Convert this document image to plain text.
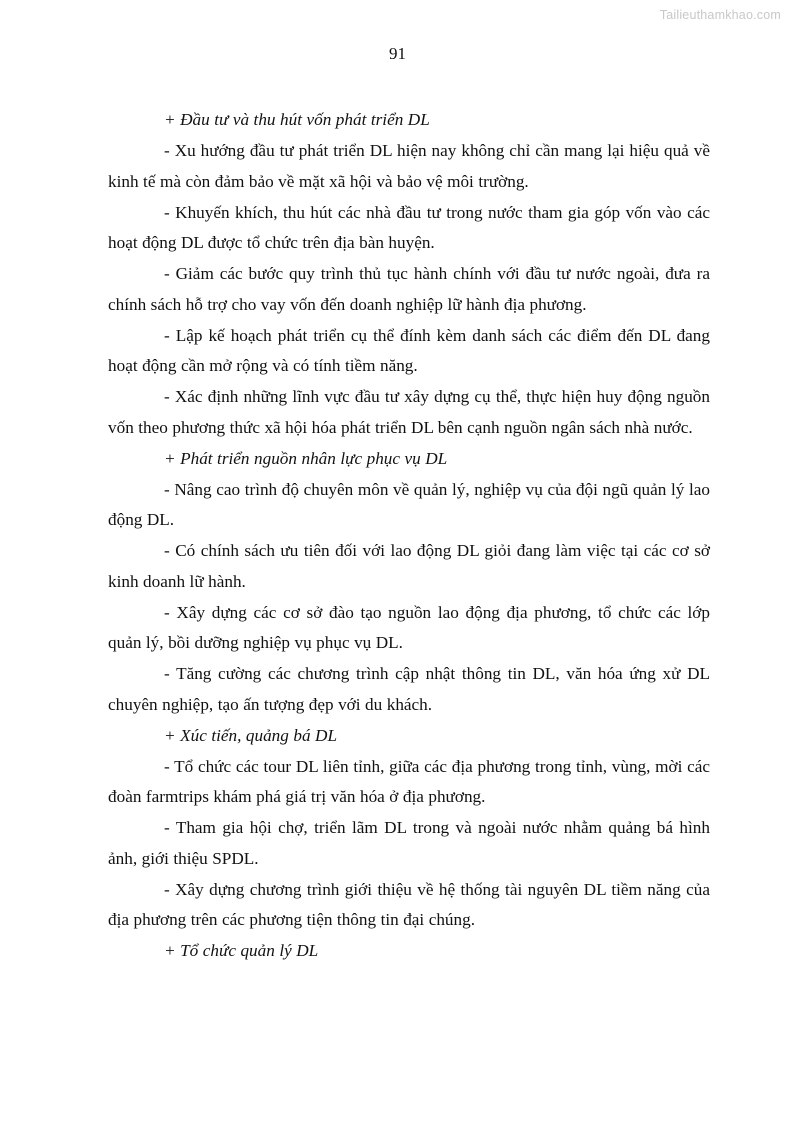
Tailieuthamkhao.com
91

+ Đầu tư và thu hút vốn phát triển DL

- Xu hướng đầu tư phát triển DL hiện nay không chỉ cần mang lại hiệu quả về kinh tế mà còn đảm bảo về mặt xã hội và bảo vệ môi trường.

- Khuyến khích, thu hút các nhà đầu tư trong nước tham gia góp vốn vào các hoạt động DL được tổ chức trên địa bàn huyện.

- Giảm các bước quy trình thủ tục hành chính với đầu tư nước ngoài, đưa ra chính sách hỗ trợ cho vay vốn đến doanh nghiệp lữ hành địa phương.

- Lập kế hoạch phát triển cụ thể đính kèm danh sách các điểm đến DL đang hoạt động cần mở rộng và có tính tiềm năng.

- Xác định những lĩnh vực đầu tư xây dựng cụ thể, thực hiện huy động nguồn vốn theo phương thức xã hội hóa phát triển DL bên cạnh nguồn ngân sách nhà nước.

+ Phát triển nguồn nhân lực phục vụ DL

- Nâng cao trình độ chuyên môn về quản lý, nghiệp vụ của đội ngũ quản lý lao động DL.

- Có chính sách ưu tiên đối với lao động DL giỏi đang làm việc tại các cơ sở kinh doanh lữ hành.

- Xây dựng các cơ sở đào tạo nguồn lao động địa phương, tổ chức các lớp quản lý, bồi dưỡng nghiệp vụ phục vụ DL.

- Tăng cường các chương trình cập nhật thông tin DL, văn hóa ứng xử DL chuyên nghiệp, tạo ấn tượng đẹp với du khách.

+ Xúc tiến, quảng bá DL

- Tổ chức các tour DL liên tỉnh, giữa các địa phương trong tỉnh, vùng, mời các đoàn farmtrips khám phá giá trị văn hóa ở địa phương.

- Tham gia hội chợ, triển lãm DL trong và ngoài nước nhằm quảng bá hình ảnh, giới thiệu SPDL.

- Xây dựng chương trình giới thiệu về hệ thống tài nguyên DL tiềm năng của địa phương trên các phương tiện thông tin đại chúng.

+ Tổ chức quản lý DL
